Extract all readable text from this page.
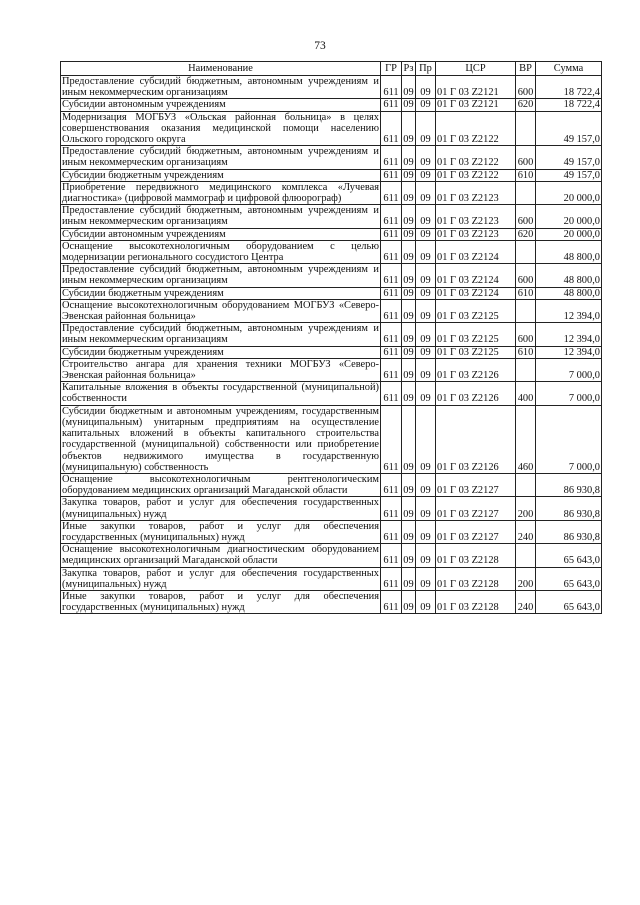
73
Наименование	ГР	Рз	Пр	ЦСР	ВР	Сумма
Предоставление субсидий бюджетным, автономным учреждениям и иным некоммерческим организациям	611	09	09	01 Г 03 Z2121	600	18 722,4
Субсидии автономным учреждениям	611	09	09	01 Г 03 Z2121	620	18 722,4
Модернизация МОГБУЗ «Ольская районная больница» в целях совершенствования оказания медицинской помощи населению Ольского городского округа	611	09	09	01 Г 03 Z2122		49 157,0
Предоставление субсидий бюджетным, автономным учреждениям и иным некоммерческим организациям	611	09	09	01 Г 03 Z2122	600	49 157,0
Субсидии бюджетным учреждениям	611	09	09	01 Г 03 Z2122	610	49 157,0
Приобретение передвижного медицинского комплекса «Лучевая диагностика» (цифровой маммограф и цифровой флюорограф)	611	09	09	01 Г 03 Z2123		20 000,0
Предоставление субсидий бюджетным, автономным учреждениям и иным некоммерческим организациям	611	09	09	01 Г 03 Z2123	600	20 000,0
Субсидии автономным учреждениям	611	09	09	01 Г 03 Z2123	620	20 000,0
Оснащение высокотехнологичным оборудованием с целью модернизации регионального сосудистого Центра	611	09	09	01 Г 03 Z2124		48 800,0
Предоставление субсидий бюджетным, автономным учреждениям и иным некоммерческим организациям	611	09	09	01 Г 03 Z2124	600	48 800,0
Субсидии бюджетным учреждениям	611	09	09	01 Г 03 Z2124	610	48 800,0
Оснащение высокотехнологичным оборудованием МОГБУЗ «Северо-Эвенская районная больница»	611	09	09	01 Г 03 Z2125		12 394,0
Предоставление субсидий бюджетным, автономным учреждениям и иным некоммерческим организациям	611	09	09	01 Г 03 Z2125	600	12 394,0
Субсидии бюджетным учреждениям	611	09	09	01 Г 03 Z2125	610	12 394,0
Строительство ангара для хранения техники МОГБУЗ «Северо-Эвенская районная больница»	611	09	09	01 Г 03 Z2126		7 000,0
Капитальные вложения в объекты государственной (муниципальной) собственности	611	09	09	01 Г 03 Z2126	400	7 000,0
Субсидии бюджетным и автономным учреждениям, государственным (муниципальным) унитарным предприятиям на осуществление капитальных вложений в объекты капитального строительства государственной (муниципальной) собственности или приобретение объектов недвижимого имущества в государственную (муниципальную) собственность	611	09	09	01 Г 03 Z2126	460	7 000,0
Оснащение высокотехнологичным рентгенологическим оборудованием медицинских организаций Магаданской области	611	09	09	01 Г 03 Z2127		86 930,8
Закупка товаров, работ и услуг для обеспечения государственных (муниципальных) нужд	611	09	09	01 Г 03 Z2127	200	86 930,8
Иные закупки товаров, работ и услуг для обеспечения государственных (муниципальных) нужд	611	09	09	01 Г 03 Z2127	240	86 930,8
Оснащение высокотехнологичным диагностическим оборудованием медицинских организаций Магаданской области	611	09	09	01 Г 03 Z2128		65 643,0
Закупка товаров, работ и услуг для обеспечения государственных (муниципальных) нужд	611	09	09	01 Г 03 Z2128	200	65 643,0
Иные закупки товаров, работ и услуг для обеспечения государственных (муниципальных) нужд	611	09	09	01 Г 03 Z2128	240	65 643,0
